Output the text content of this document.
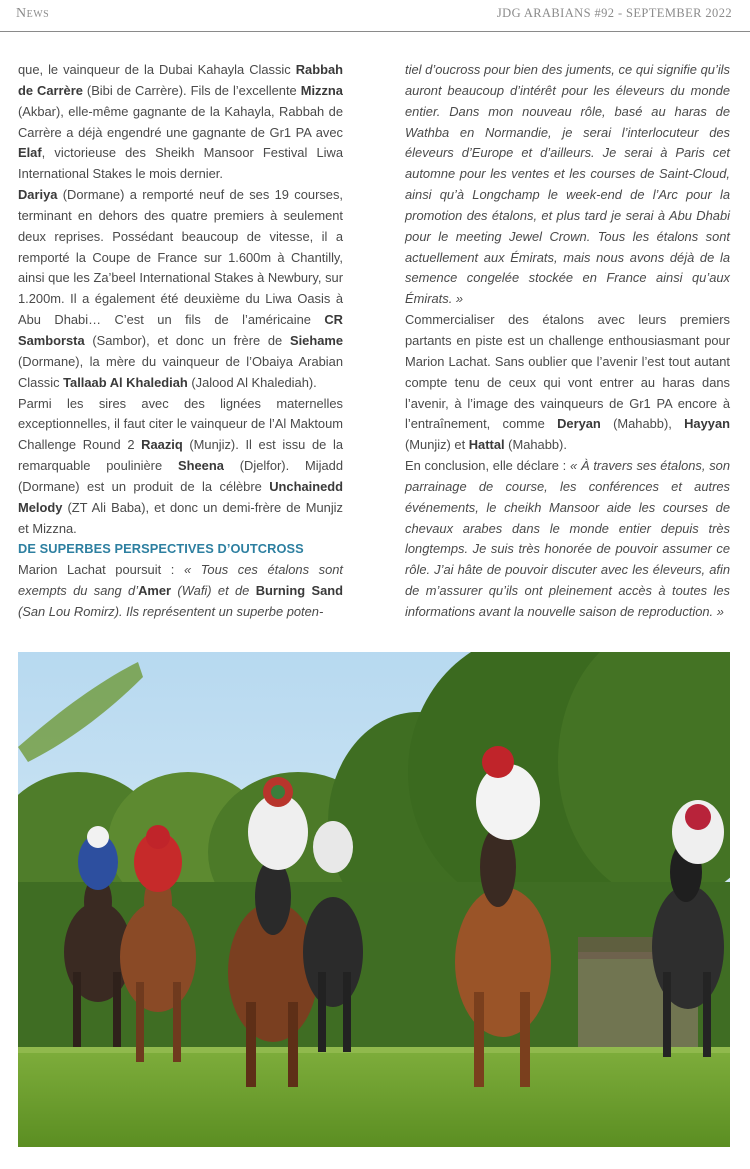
News	JDG ARABIANS #92 - SEPTEMBER 2022

que, le vainqueur de la Dubai Kahayla Classic Rabbah de Carrère (Bibi de Carrère). Fils de l’excellente Mizzna (Akbar), elle-même gagnante de la Kahayla, Rabbah de Carrère a déjà engendré une gagnante de Gr1 PA avec Elaf, victorieuse des Sheikh Mansoor Festival Liwa International Stakes le mois dernier.

Dariya (Dormane) a remporté neuf de ses 19 courses, terminant en dehors des quatre premiers à seulement deux reprises. Possédant beaucoup de vitesse, il a remporté la Coupe de France sur 1.600m à Chantilly, ainsi que les Za’beel International Stakes à Newbury, sur 1.200m. Il a également été deuxième du Liwa Oasis à Abu Dhabi… C’est un fils de l’américaine CR Samborsta (Sambor), et donc un frère de Siehame (Dormane), la mère du vainqueur de l’Obaiya Arabian Classic Tallaab Al Khalediah (Jalood Al Khalediah).

Parmi les sires avec des lignées maternelles exceptionnelles, il faut citer le vainqueur de l’Al Maktoum Challenge Round 2 Raaziq (Munjiz). Il est issu de la remarquable poulinière Sheena (Djelfor). Mijadd (Dormane) est un produit de la célèbre Unchainedd Melody (ZT Ali Baba), et donc un demi-frère de Munjiz et Mizzna.

DE SUPERBES PERSPECTIVES D’OUTCROSS

Marion Lachat poursuit : « Tous ces étalons sont exempts du sang d’Amer (Wafi) et de Burning Sand (San Lou Romirz). Ils représentent un superbe poten-

tiel d’oucross pour bien des juments, ce qui signifie qu’ils auront beaucoup d’intérêt pour les éleveurs du monde entier. Dans mon nouveau rôle, basé au haras de Wathba en Normandie, je serai l’interlocuteur des éleveurs d’Europe et d’ailleurs. Je serai à Paris cet automne pour les ventes et les courses de Saint-Cloud, ainsi qu’à Longchamp le week-end de l’Arc pour la promotion des étalons, et plus tard je serai à Abu Dhabi pour le meeting Jewel Crown. Tous les étalons sont actuellement aux Émirats, mais nous avons déjà de la semence congelée stockée en France ainsi qu’aux Émirats. »

Commercialiser des étalons avec leurs premiers partants en piste est un challenge enthousiasmant pour Marion Lachat. Sans oublier que l’avenir l’est tout autant compte tenu de ceux qui vont entrer au haras dans l’avenir, à l’image des vainqueurs de Gr1 PA encore à l’entraînement, comme Deryan (Mahabb), Hayyan (Munjiz) et Hattal (Mahabb).

En conclusion, elle déclare : « À travers ses étalons, son parrainage de course, les conférences et autres événements, le cheikh Mansoor aide les courses de chevaux arabes dans le monde entier depuis très longtemps. Je suis très honorée de pouvoir assumer ce rôle. J’ai hâte de pouvoir discuter avec les éleveurs, afin de m’assurer qu’ils ont pleinement accès à toutes les informations avant la nouvelle saison de reproduction. »
